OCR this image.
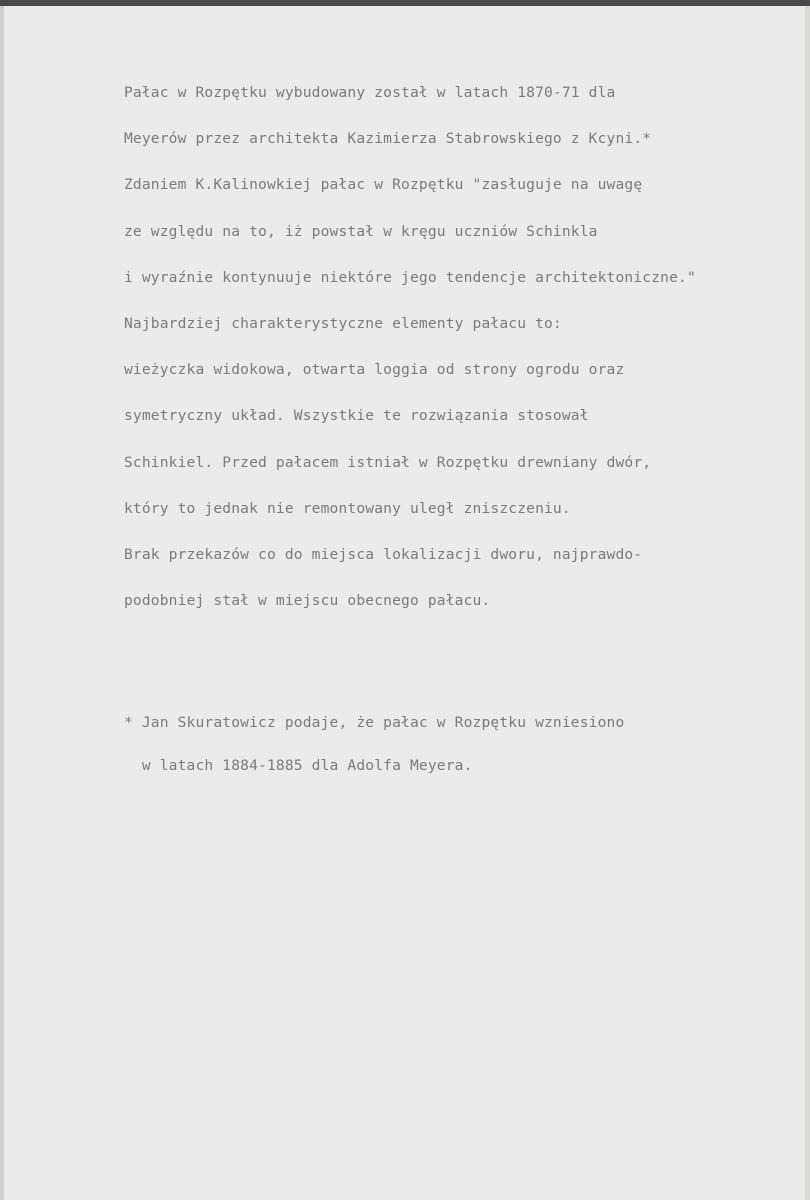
Pałac w Rozpętku wybudowany został w latach 1870-71 dla
Meyerów przez architekta Kazimierza Stabrowskiego z Kcyni.*
Zdaniem K.Kalinowkiej pałac w Rozpętku "zasługuje na uwagę
ze względu na to, iż powstał w kręgu uczniów Schinkla
i wyraźnie kontynuuje niektóre jego tendencje architektoniczne."
Najbardziej charakterystyczne elementy pałacu to:
wieżyczka widokowa, otwarta loggia od strony ogrodu oraz
symetryczny układ. Wszystkie te rozwiązania stosował
Schinkiel. Przed pałacem istniał w Rozpętku drewniany dwór,
który to jednak nie remontowany uległ zniszczeniu.
Brak przekazów co do miejsca lokalizacji dworu, najprawdo-
podobniej stał w miejscu obecnego pałacu.
* Jan Skuratowicz podaje, że pałac w Rozpętku wzniesiono
w latach 1884-1885 dla Adolfa Meyera.
